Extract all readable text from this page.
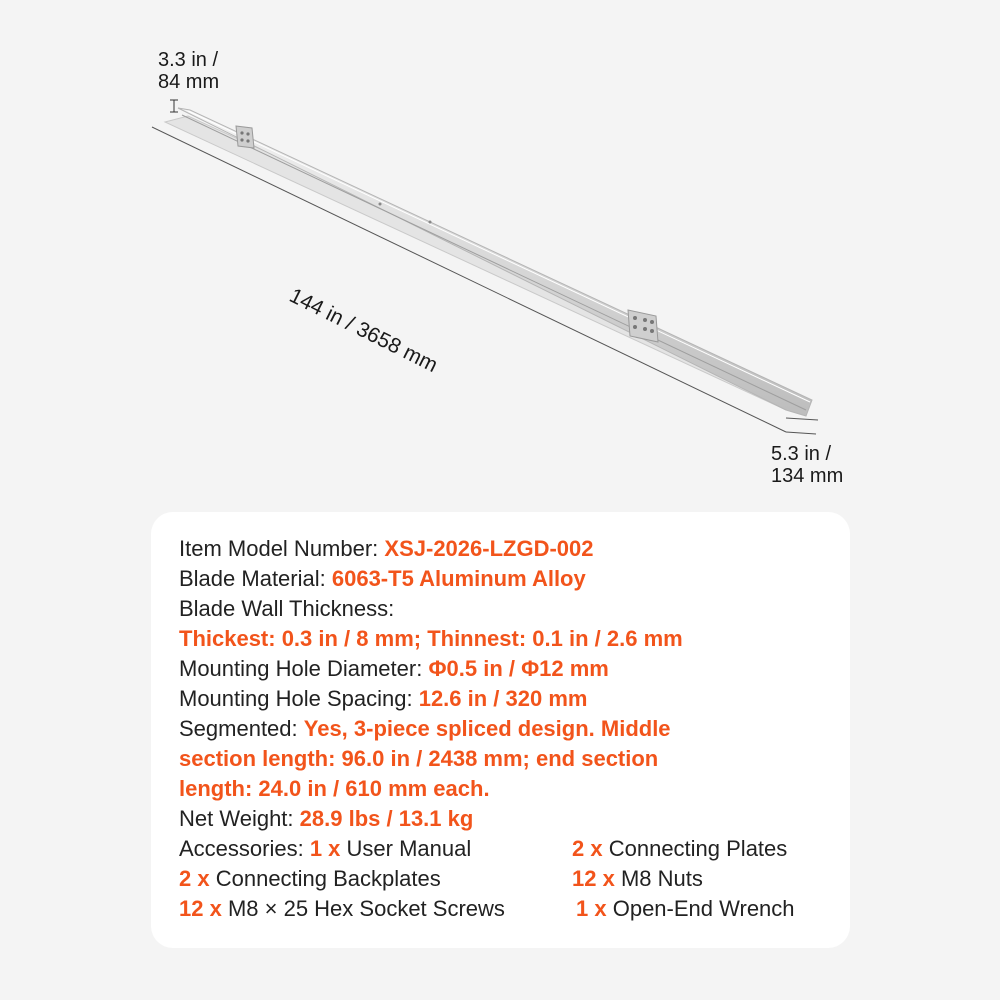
3.3 in /
84 mm
144 in / 3658 mm
5.3 in /
134 mm
Item Model Number: XSJ-2026-LZGD-002
Blade Material: 6063-T5 Aluminum Alloy
Blade Wall Thickness:
Thickest: 0.3 in / 8 mm; Thinnest: 0.1 in / 2.6 mm
Mounting Hole Diameter: Φ0.5 in / Φ12 mm
Mounting Hole Spacing: 12.6 in / 320 mm
Segmented: Yes, 3-piece spliced design. Middle
section length: 96.0 in / 2438 mm; end section
length: 24.0 in / 610 mm each.
Net Weight: 28.9 lbs / 13.1 kg
Accessories: 1 x User Manual	2 x Connecting Plates
2 x Connecting Backplates	12 x M8 Nuts
12 x M8 × 25 Hex Socket Screws	1 x Open-End Wrench
